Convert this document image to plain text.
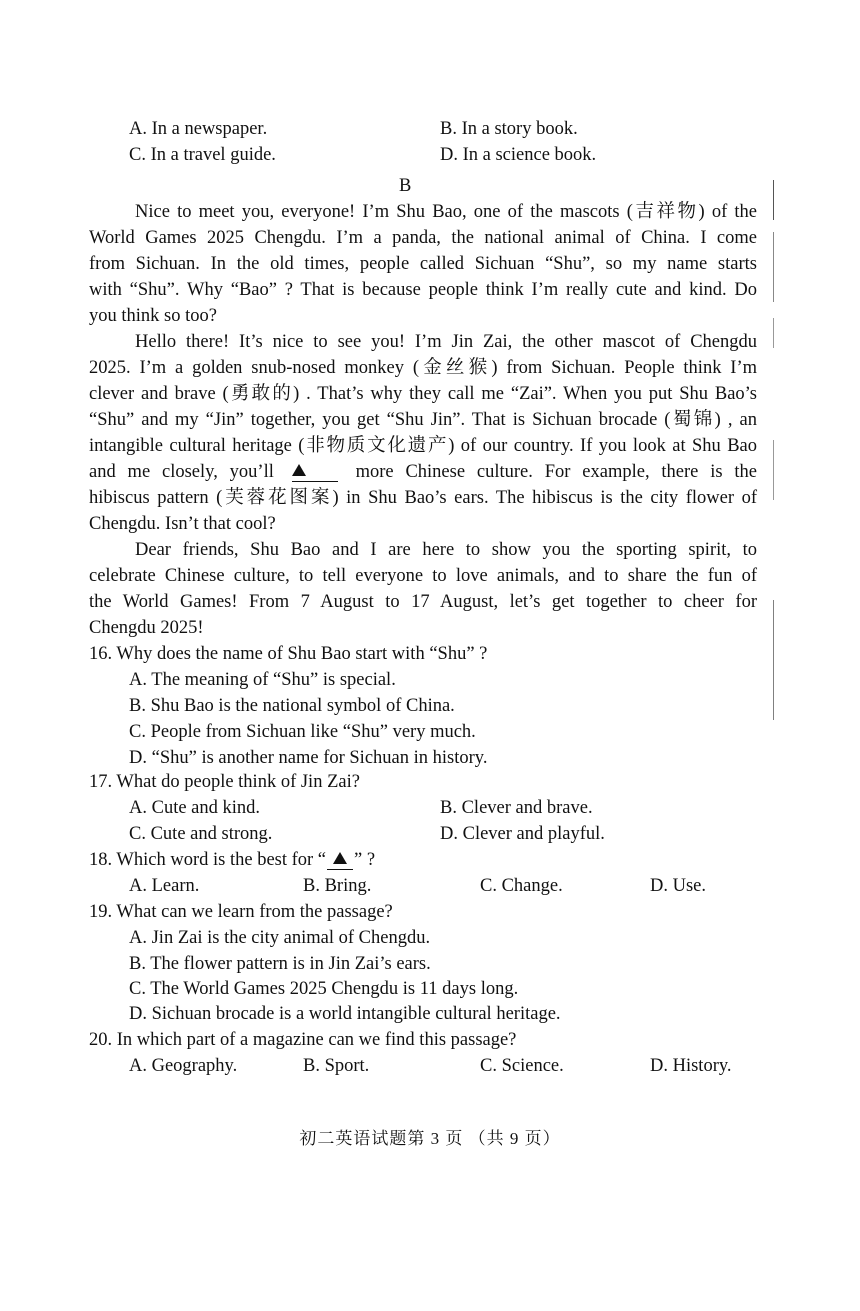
A. In a newspaper.	B. In a story book.
C. In a travel guide.	D. In a science book.
B
Nice to meet you, everyone! I’m Shu Bao, one of the mascots (吉祥物) of the
World Games 2025 Chengdu. I’m a panda, the national animal of China. I come
from Sichuan. In the old times, people called Sichuan “Shu”, so my name starts
with “Shu”. Why “Bao” ? That is because people think I’m really cute and kind. Do
you think so too?
Hello there! It’s nice to see you! I’m Jin Zai, the other mascot of Chengdu
2025. I’m a golden snub-nosed monkey (金丝猴) from Sichuan. People think I’m
clever and brave (勇敢的) . That’s why they call me “Zai”. When you put Shu Bao’s
“Shu” and my “Jin” together, you get “Shu Jin”. That is Sichuan brocade (蜀锦) , an
intangible cultural heritage (非物质文化遗产) of our country. If you look at Shu Bao
and me closely, you’ll	more Chinese culture. For example, there is the
hibiscus pattern (芙蓉花图案) in Shu Bao’s ears. The hibiscus is the city flower of
Chengdu. Isn’t that cool?
Dear friends, Shu Bao and I are here to show you the sporting spirit, to
celebrate Chinese culture, to tell everyone to love animals, and to share the fun of
the World Games! From 7 August to 17 August, let’s get together to cheer for
Chengdu 2025!
16. Why does the name of Shu Bao start with “Shu” ?
A. The meaning of “Shu” is special.
B. Shu Bao is the national symbol of China.
C. People from Sichuan like “Shu” very much.
D. “Shu” is another name for Sichuan in history.
17. What do people think of Jin Zai?
A. Cute and kind.	B. Clever and brave.
C. Cute and strong.	D. Clever and playful.
18. Which word is the best for “ ” ?
A. Learn.	B. Bring.	C. Change.	D. Use.
19. What can we learn from the passage?
A. Jin Zai is the city animal of Chengdu.
B. The flower pattern is in Jin Zai’s ears.
C. The World Games 2025 Chengdu is 11 days long.
D. Sichuan brocade is a world intangible cultural heritage.
20. In which part of a magazine can we find this passage?
A. Geography.	B. Sport.	C. Science.	D. History.
初二英语试题第 3 页 （共 9 页）
